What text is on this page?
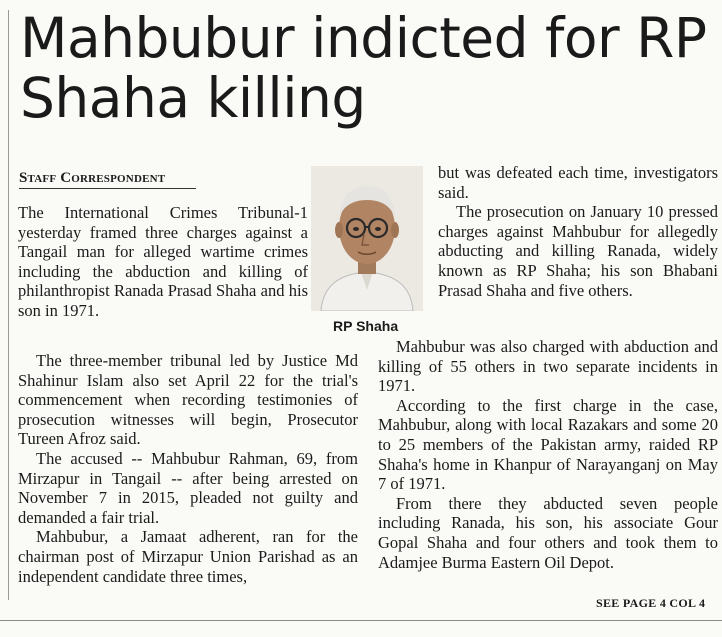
Mahbubur indicted for RP Shaha killing
Staff Correspondent

The International Crimes Tribunal-1 yesterday framed three charges against a Tangail man for alleged wartime crimes including the abduction and killing of philanthropist Ranada Prasad Shaha and his son in 1971.

RP Shaha

The three-member tribunal led by Justice Md Shahinur Islam also set April 22 for the trial's commencement when recording testimonies of prosecution witnesses will begin, Prosecutor Tureen Afroz said.

The accused -- Mahbubur Rahman, 69, from Mirzapur in Tangail -- after being arrested on November 7 in 2015, pleaded not guilty and demanded a fair trial.

Mahbubur, a Jamaat adherent, ran for the chairman post of Mirzapur Union Parishad as an independent candidate three times,

but was defeated each time, investigators said.

The prosecution on January 10 pressed charges against Mahbubur for allegedly abducting and killing Ranada, widely known as RP Shaha; his son Bhabani Prasad Shaha and five others.

Mahbubur was also charged with abduction and killing of 55 others in two separate incidents in 1971.

According to the first charge in the case, Mahbubur, along with local Razakars and some 20 to 25 members of the Pakistan army, raided RP Shaha's home in Khanpur of Narayanganj on May 7 of 1971.

From there they abducted seven people including Ranada, his son, his associate Gour Gopal Shaha and four others and took them to Adamjee Burma Eastern Oil Depot.

SEE PAGE 4 COL 4
